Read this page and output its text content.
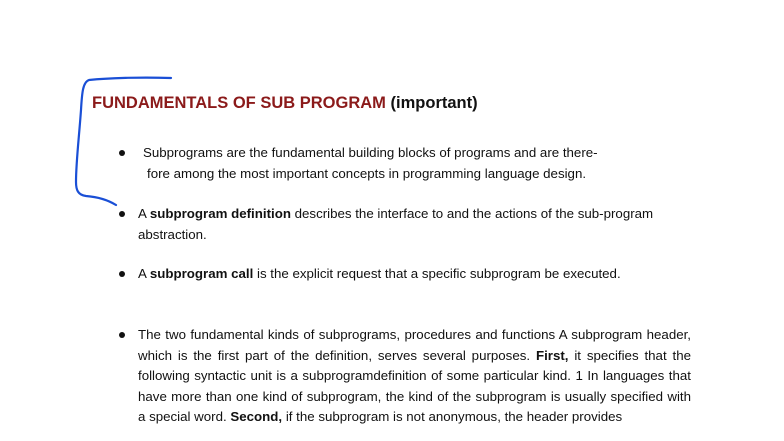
FUNDAMENTALS OF SUB PROGRAM (important)
Subprograms are the fundamental building blocks of programs and are there-
fore among the most important concepts in programming language design.
A subprogram definition describes the interface to and the actions of the sub-program abstraction.
A subprogram call is the explicit request that a specific subprogram be executed.
The two fundamental kinds of subprograms, procedures and functions A subprogram header, which is the first part of the definition, serves several purposes. First, it specifies that the following syntactic unit is a subprogramdefinition of some particular kind. 1 In languages that have more than one kind of subprogram, the kind of the subprogram is usually specified with a special word. Second, if the subprogram is not anonymous, the header provides
